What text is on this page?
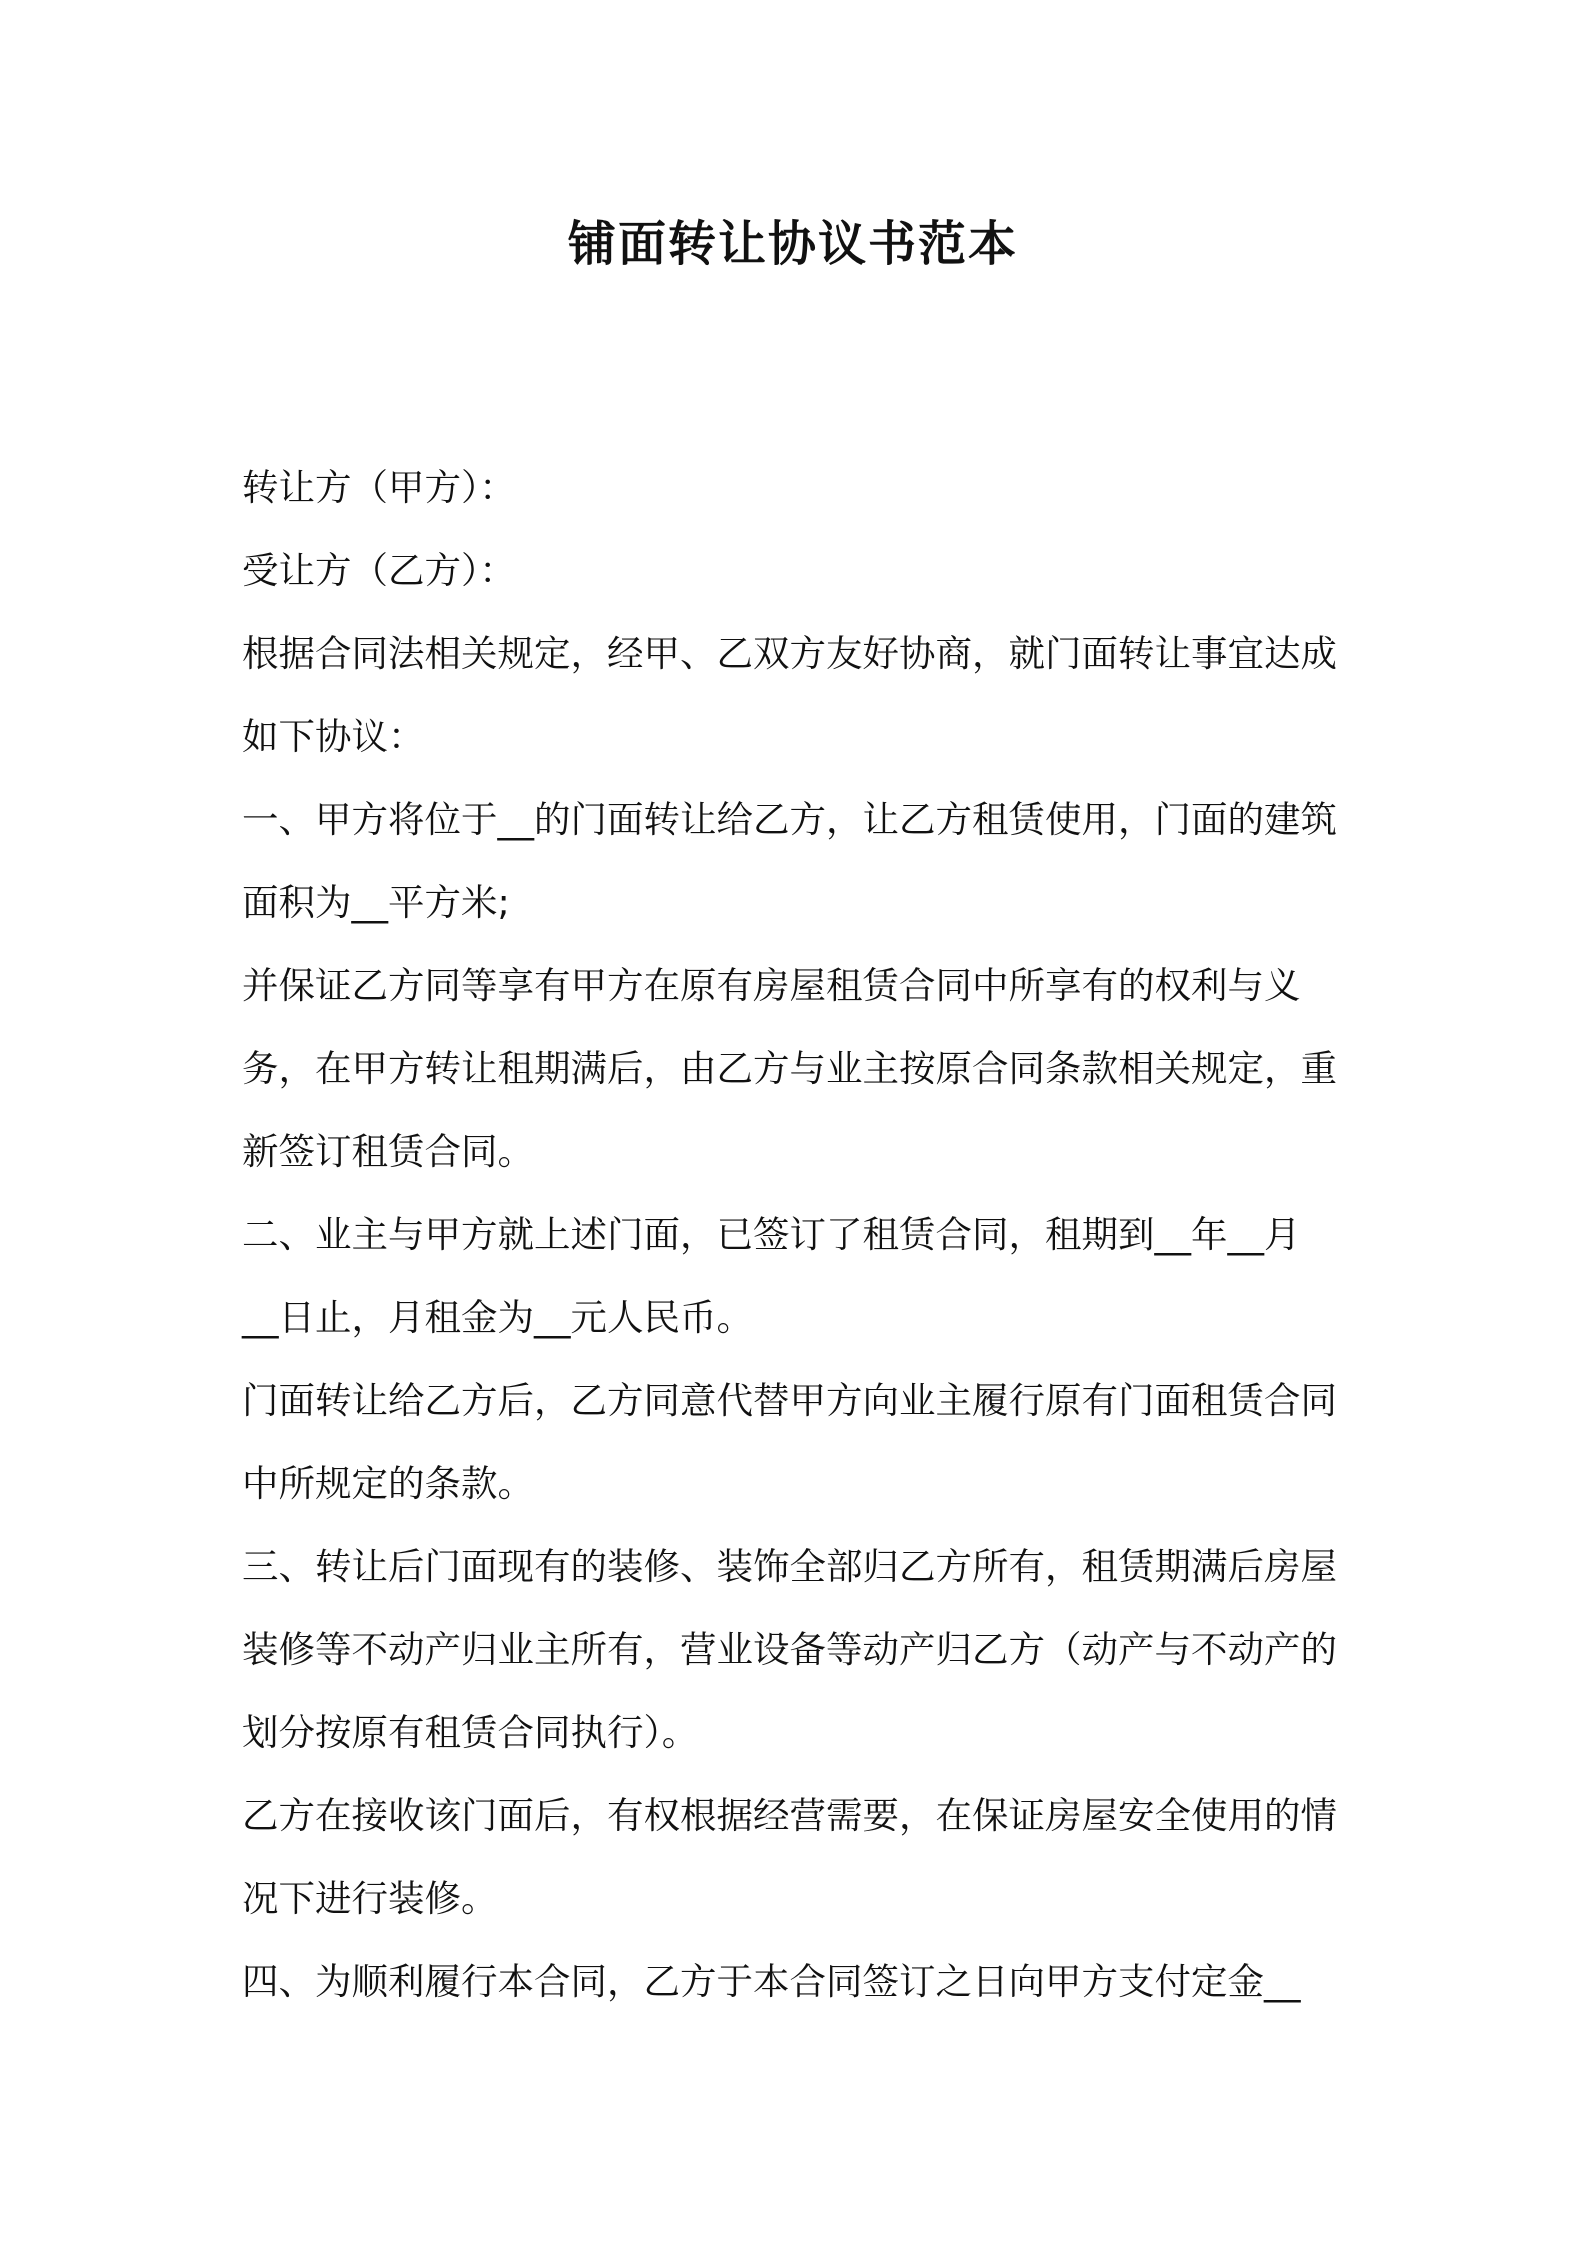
铺面转让协议书范本

转让方（甲方）：

受让方（乙方）：

根据合同法相关规定，经甲、乙双方友好协商，就门面转让事宜达成

如下协议：

一、甲方将位于__的门面转让给乙方，让乙方租赁使用，门面的建筑

面积为__平方米;

并保证乙方同等享有甲方在原有房屋租赁合同中所享有的权利与义

务，在甲方转让租期满后，由乙方与业主按原合同条款相关规定，重

新签订租赁合同。

二、业主与甲方就上述门面，已签订了租赁合同，租期到__年__月

__日止，月租金为__元人民币。

门面转让给乙方后，乙方同意代替甲方向业主履行原有门面租赁合同

中所规定的条款。

三、转让后门面现有的装修、装饰全部归乙方所有，租赁期满后房屋

装修等不动产归业主所有，营业设备等动产归乙方（动产与不动产的

划分按原有租赁合同执行）。

乙方在接收该门面后，有权根据经营需要，在保证房屋安全使用的情

况下进行装修。

四、为顺利履行本合同，乙方于本合同签订之日向甲方支付定金__
